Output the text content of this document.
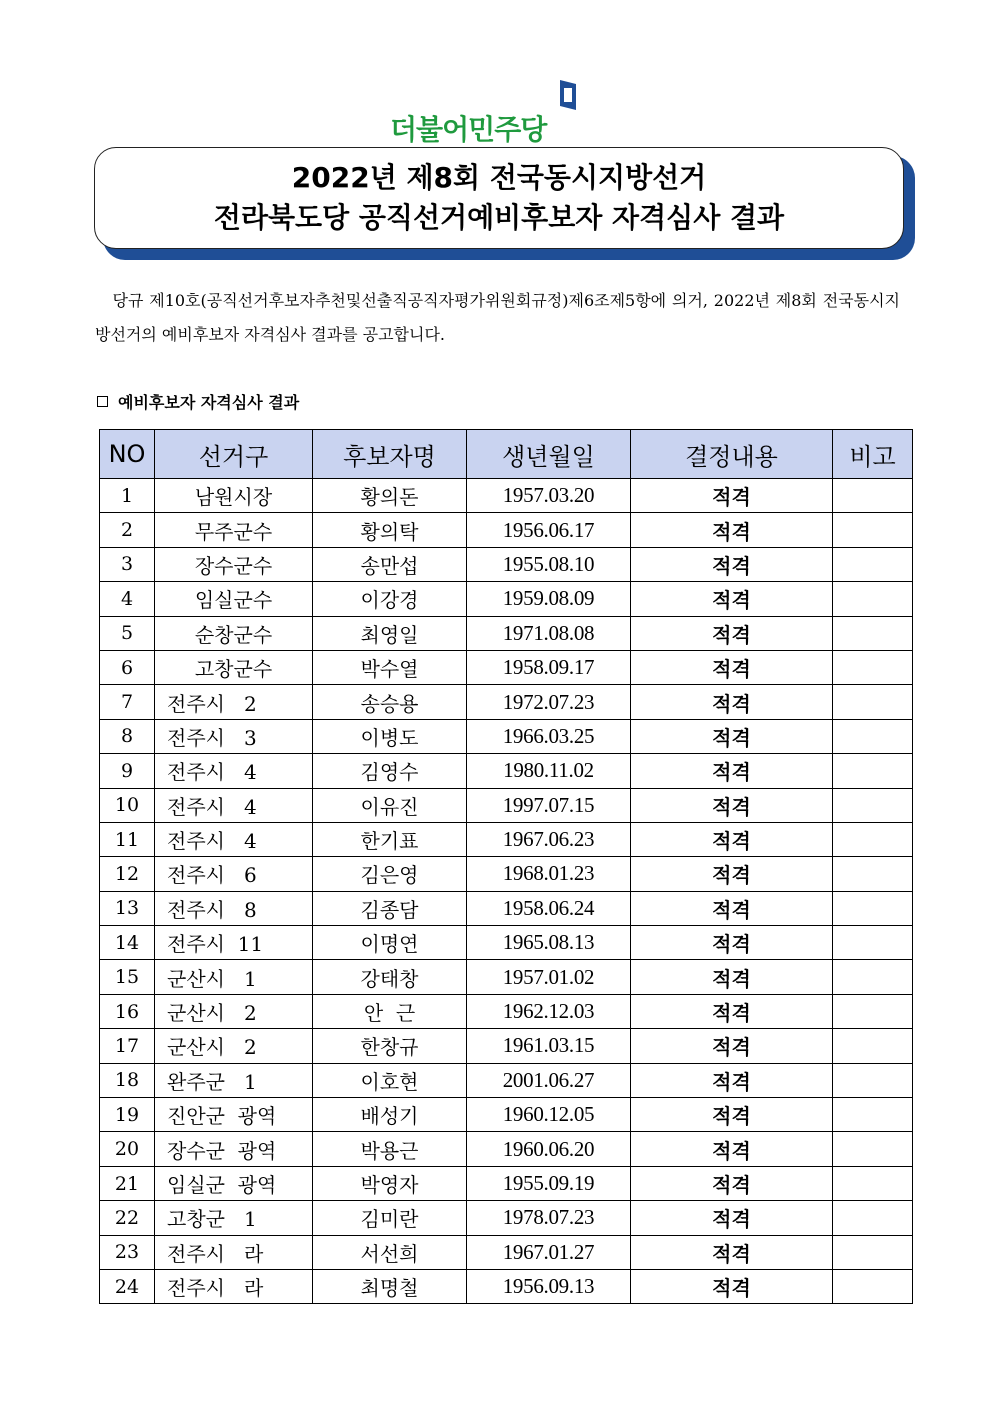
더불어민주당
2022년 제8회 전국동시지방선거
전라북도당 공직선거예비후보자 자격심사 결과
당규 제10호(공직선거후보자추천및선출직공직자평가위원회규정)제6조제5항에 의거, 2022년 제8회 전국동시지방선거의 예비후보자 자격심사 결과를 공고합니다.
예비후보자 자격심사 결과
NO	선거구	후보자명	생년월일	결정내용	비고
1	남원시장	황의돈	1957.03.20	적격	
2	무주군수	황의탁	1956.06.17	적격	
3	장수군수	송만섭	1955.08.10	적격	
4	임실군수	이강경	1959.08.09	적격	
5	순창군수	최영일	1971.08.08	적격	
6	고창군수	박수열	1958.09.17	적격	
7	전주시   2	송승용	1972.07.23	적격	
8	전주시   3	이병도	1966.03.25	적격	
9	전주시   4	김영수	1980.11.02	적격	
10	전주시   4	이유진	1997.07.15	적격	
11	전주시   4	한기표	1967.06.23	적격	
12	전주시   6	김은영	1968.01.23	적격	
13	전주시   8	김종담	1958.06.24	적격	
14	전주시  11	이명연	1965.08.13	적격	
15	군산시   1	강태창	1957.01.02	적격	
16	군산시   2	안  근	1962.12.03	적격	
17	군산시   2	한창규	1961.03.15	적격	
18	완주군   1	이호현	2001.06.27	적격	
19	진안군  광역	배성기	1960.12.05	적격	
20	장수군  광역	박용근	1960.06.20	적격	
21	임실군  광역	박영자	1955.09.19	적격	
22	고창군   1	김미란	1978.07.23	적격	
23	전주시   라	서선희	1967.01.27	적격	
24	전주시   라	최명철	1956.09.13	적격	
